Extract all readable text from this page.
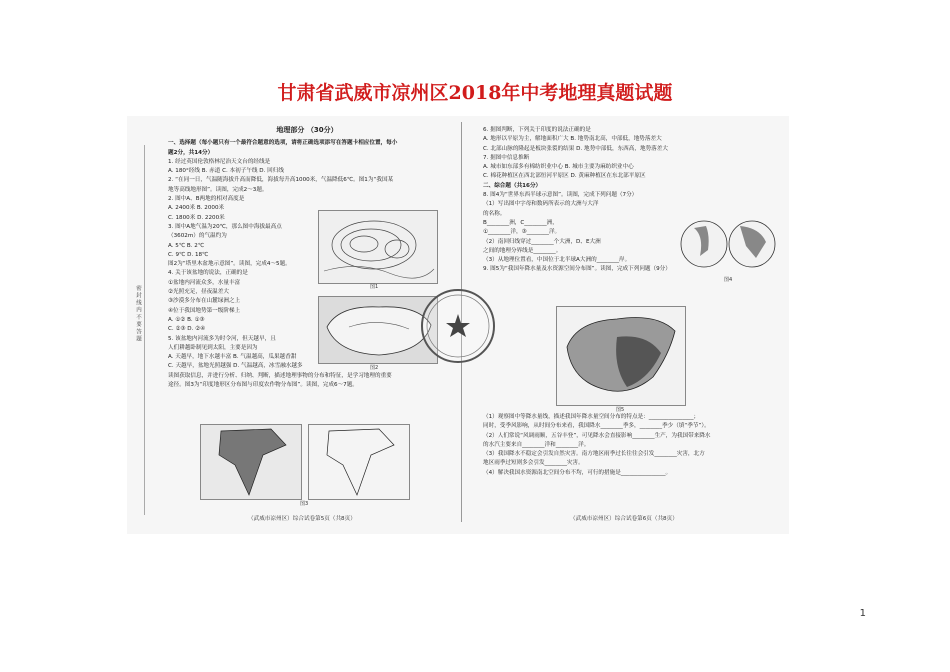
甘肃省武威市凉州区2018年中考地理真题试题
密 封 线 内 不 要 答 题
地理部分 （30分）
一、选择题（每小题只有一个最符合题意的选项，请将正确选项添写在答题卡相应位置，每小
题2分，共14分）
1. 经过英国伦敦格林尼治天文台的经线是
A. 180°经线 B. 赤道 C. 本初子午线 D. 回归线
2. “在同一日，气温随海拔升高而降低，海拔每升高1000米，气温降低6℃。图1为“我国某
地等高线地形图”。读图，完成2～3题。
2. 图中A、B两地的相对高度是
A. 2400米 B. 2000米
C. 1800米 D. 2200米
3. 图中A地气温为20℃，那么图中海拔最高点
（3602m）的气温约为
A. 5℃ B. 2℃
C. 9℃ D. 18℃
图2为“塔里木盆地示意图”。读图，完成4～5题。
4. 关于该盆地的说法，正确的是
①盆地内河流众多，水量丰富
②光照充足，昼夜温差大
③沙漠多分布在山麓绿洲之上
④位于我国地势第一级阶梯上
A. ①② B. ①③
C. ②③ D. ②④
5. 该盆地内河流多为时令河，但天越早，且
人们耕越卧制见到太阳，主要是因为
A. 天越早，地下水越丰富 B. 气温越高，瓜果越香甜
C. 天越早，盆地光照越强 D. 气温越高，冰雪融水越多
读图获取信息，并进行分析、归纳、判断，描述地理事物的分布和特征，是学习地理的重要
途径。图3为“印度地形区分布图与印度农作物分布图”。读图，完成6～7题。
图1
图2
图3
（武威市凉州区）综合试卷第5页（共8页）
6. 据图判断，下列关于印度的说法正确的是
A. 地形以平原为主，解地面积广大 B. 地势南北高，中部低，地势落差大
C. 北部山脉的隆起是板块张裂的结果 D. 地势中部低，东西高，地势落差大
7. 据图中信息推断
A. 城市如东部多有棉纺织业中心 B. 城市主要为麻纺织业中心
C. 棉花种植区在西北部恒河平原区 D. 黄麻种植区在东北部平原区
二、综合题（共16分）
8. 图4为“世界东西半球示意图”。读图，完成下列问题（7分）
（1）写出图中字母和数码所表示的大洲与大洋
的名称。
B________洲，C________洲，
①________洋，③________洋。
（2）南回归线穿过________个大洲，D、E大洲
之间的地理分界线是________。
（3）从地理位置看，中国位于北半球A大洲的________岸。
9. 图5为“我国年降水量及水资源空间分布图”。读图，完成下列问题（9分）
图4
图5
（1）观察图中等降水量线，描述我国年降水量空间分布的特点是：________________；
同时，受季风影响，从时间分布来看，我国降水________季多，________季少（填“季节”）。
（2）人们常说“风调雨顺，五谷丰登”，可见降水会直接影响________生产，为我国带来降水
的水汽主要来自________洋和________洋。
（3）我国降水不稳定会引发自然灾害。南方地区雨季过长往往会引发________灾害，北方
地区雨季过短则多会引发________灾害。
（4）解决我国水资源南北空间分布不均，可行的措施是________________。
（武威市凉州区）综合试卷第6页（共8页）
1
